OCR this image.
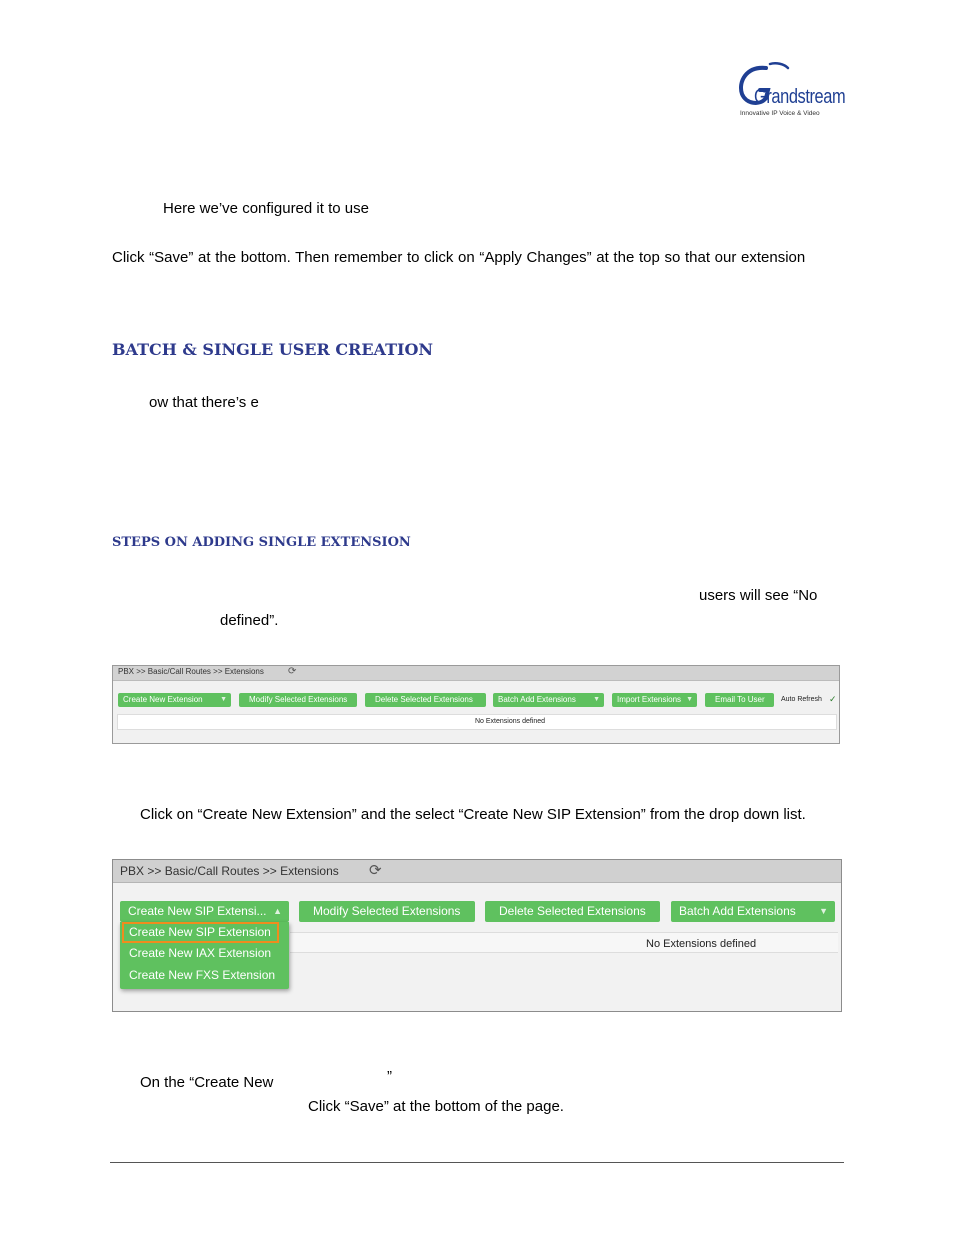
Grandstream
Innovative IP Voice & Video
Here we’ve configured it to use
Click “Save” at the bottom. Then remember to click on “Apply Changes” at the top so that our extension
BATCH & SINGLE USER CREATION
ow that there’s e
STEPS ON ADDING SINGLE EXTENSION
users will see “No
defined”.
PBX >> Basic/Call Routes >> Extensions ⟳
Create New Extension ▼	Modify Selected Extensions	Delete Selected Extensions	Batch Add Extensions ▼	Import Extensions ▼	Email To User	Auto Refresh ✓
No Extensions defined
Click on “Create New Extension” and the select “Create New SIP Extension” from the drop down list.
PBX >> Basic/Call Routes >> Extensions ⟳
Create New SIP Extensi... ▲	Modify Selected Extensions	Delete Selected Extensions	Batch Add Extensions	▼
No Extensions defined
Create New SIP Extension
Create New IAX Extension
Create New FXS Extension
On the “Create New	”
Click “Save” at the bottom of the page.
